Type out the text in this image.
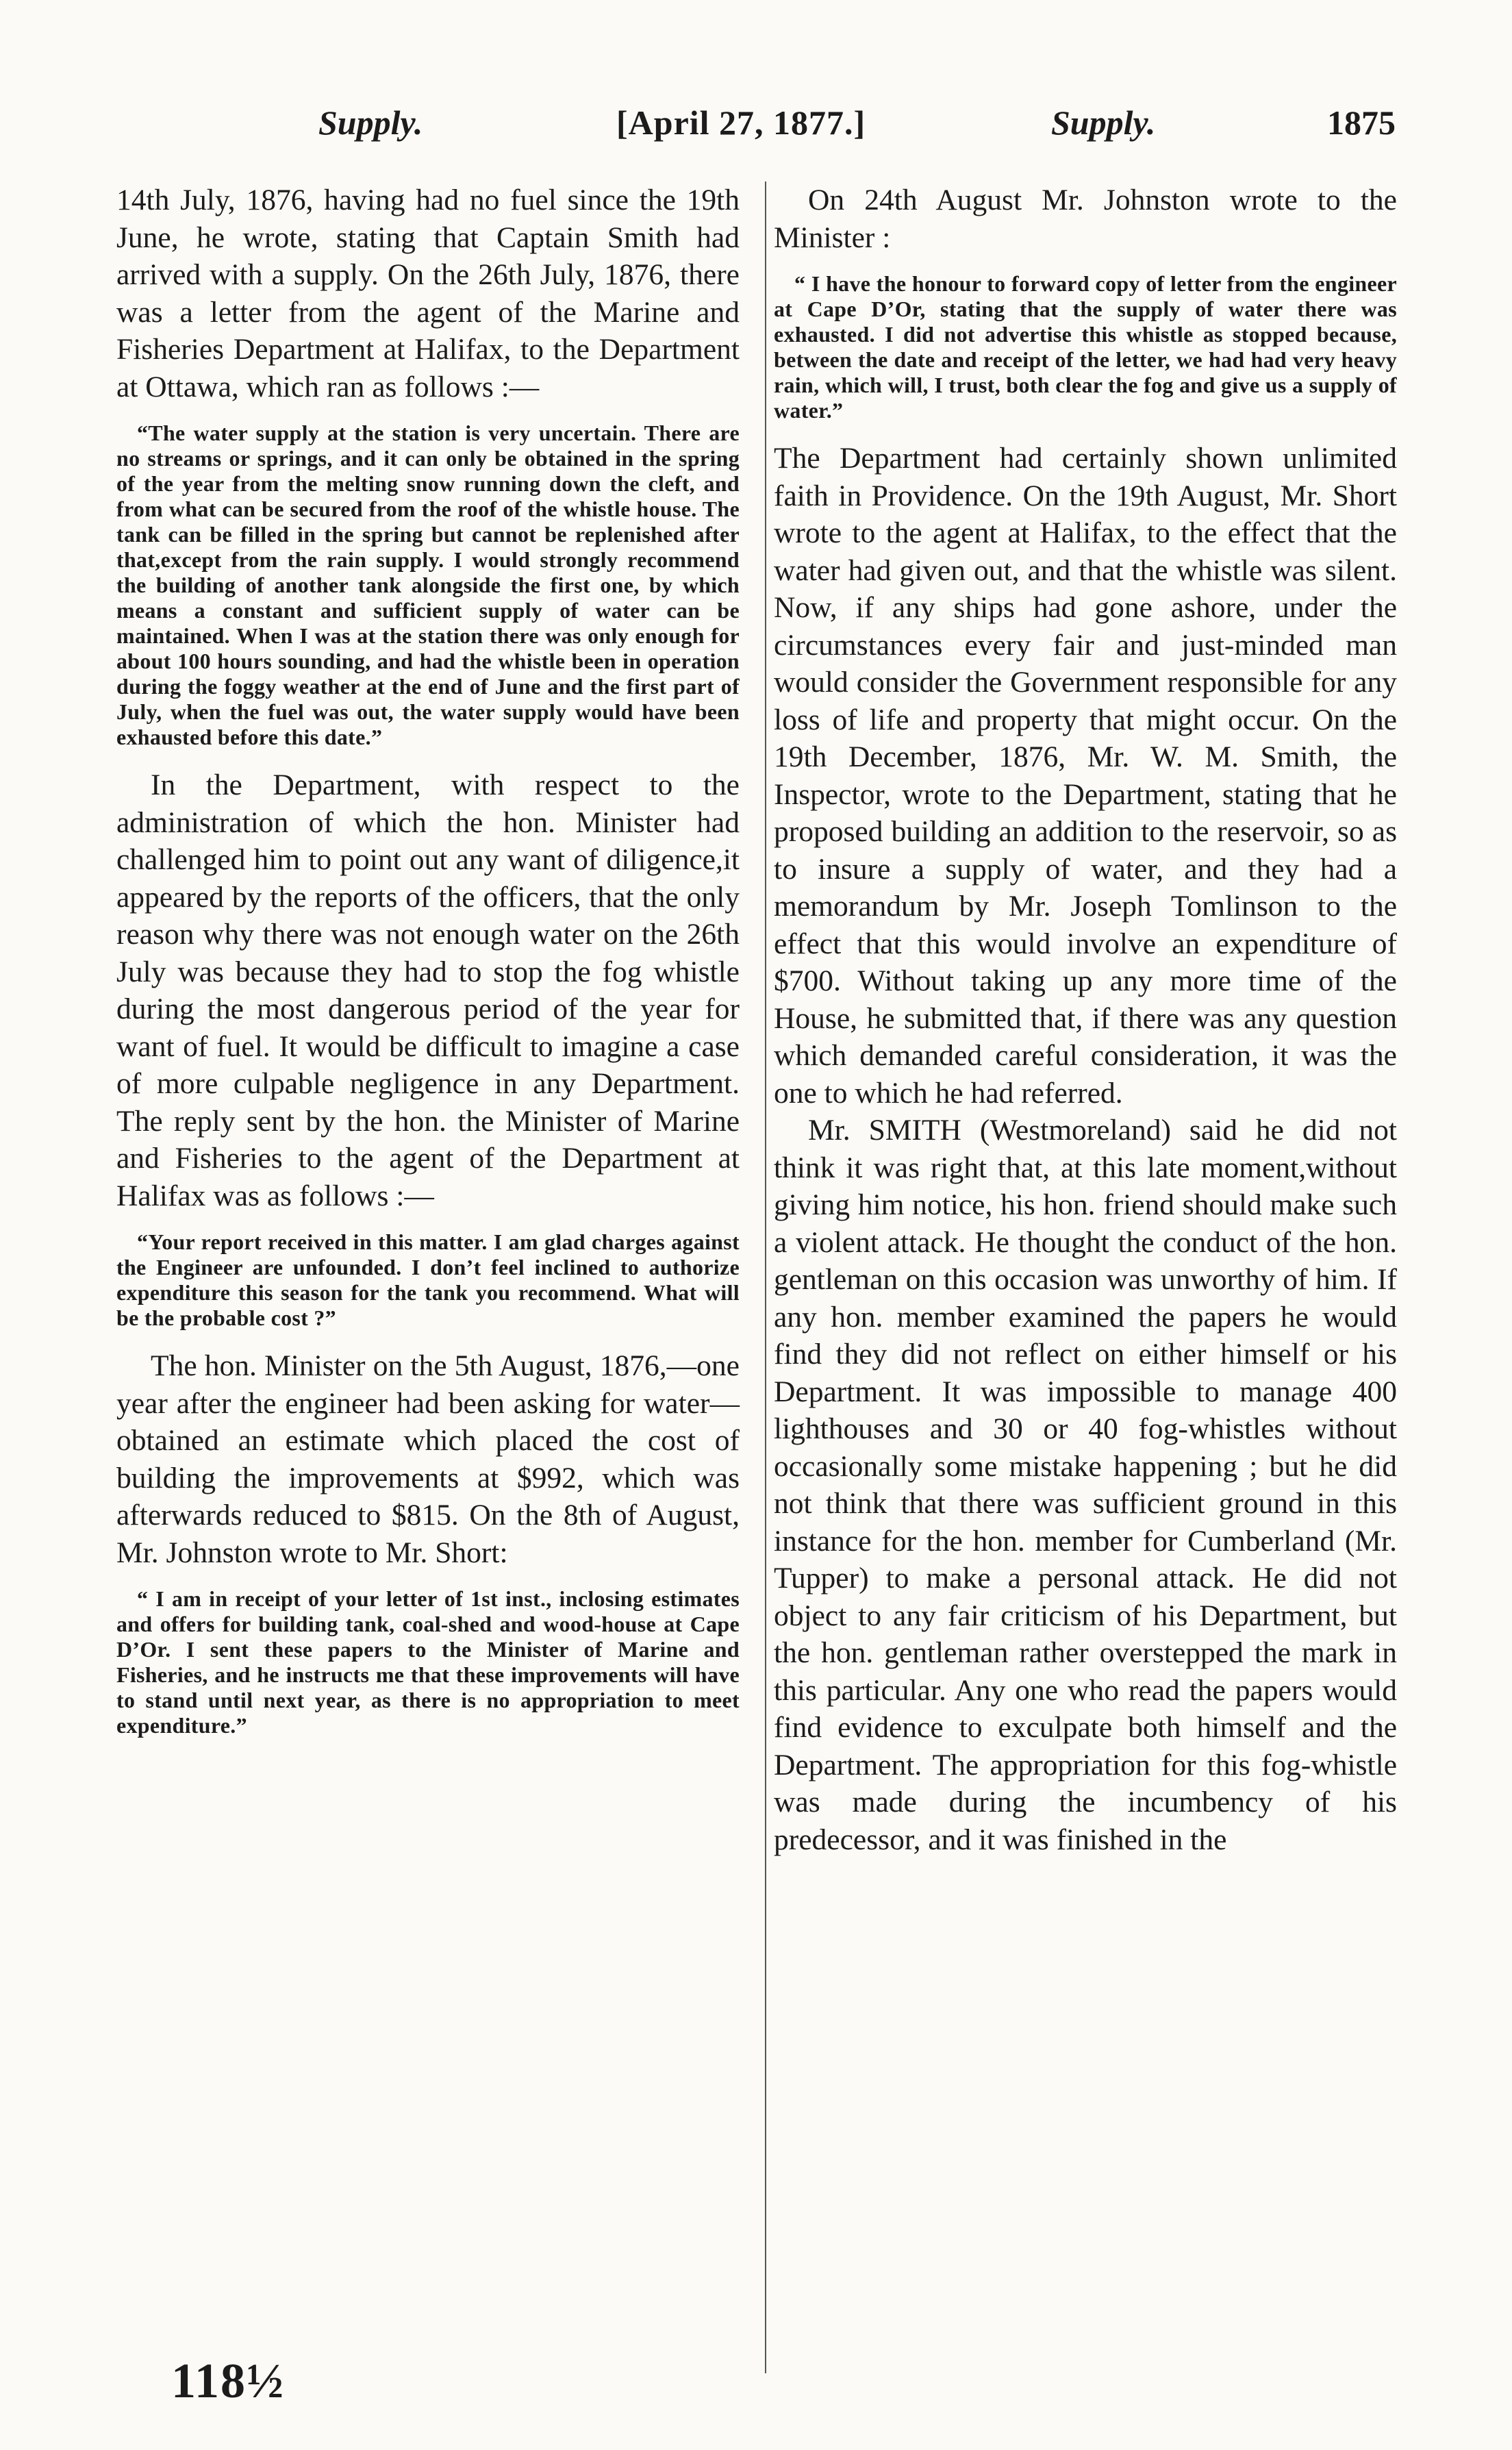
Supply.	[April 27, 1877.]	Supply.	1875

14th July, 1876, having had no fuel since the 19th June, he wrote, stating that Captain Smith had arrived with a supply. On the 26th July, 1876, there was a letter from the agent of the Marine and Fisheries Department at Halifax, to the Department at Ottawa, which ran as follows :—

“The water supply at the station is very uncertain. There are no streams or springs, and it can only be obtained in the spring of the year from the melting snow running down the cleft, and from what can be secured from the roof of the whistle house. The tank can be filled in the spring but cannot be replenished after that,except from the rain supply. I would strongly recommend the building of another tank alongside the first one, by which means a constant and sufficient supply of water can be maintained. When I was at the station there was only enough for about 100 hours sounding, and had the whistle been in operation during the foggy weather at the end of June and the first part of July, when the fuel was out, the water supply would have been exhausted before this date.”

In the Department, with respect to the administration of which the hon. Minister had challenged him to point out any want of diligence,it appeared by the reports of the officers, that the only reason why there was not enough water on the 26th July was because they had to stop the fog whistle during the most dangerous period of the year for want of fuel. It would be difficult to imagine a case of more culpable negligence in any Department. The reply sent by the hon. the Minister of Marine and Fisheries to the agent of the Department at Halifax was as follows :—

“Your report received in this matter. I am glad charges against the Engineer are unfounded. I don’t feel inclined to authorize expenditure this season for the tank you recommend. What will be the probable cost ?”

The hon. Minister on the 5th August, 1876,—one year after the engineer had been asking for water—obtained an estimate which placed the cost of building the improvements at $992, which was afterwards reduced to $815. On the 8th of August, Mr. Johnston wrote to Mr. Short:

“ I am in receipt of your letter of 1st inst., inclosing estimates and offers for building tank, coal-shed and wood-house at Cape D’Or. I sent these papers to the Minister of Marine and Fisheries, and he instructs me that these improvements will have to stand until next year, as there is no appropriation to meet expenditure.”

On 24th August Mr. Johnston wrote to the Minister :

“ I have the honour to forward copy of letter from the engineer at Cape D’Or, stating that the supply of water there was exhausted. I did not advertise this whistle as stopped because, between the date and receipt of the letter, we had had very heavy rain, which will, I trust, both clear the fog and give us a supply of water.”

The Department had certainly shown unlimited faith in Providence. On the 19th August, Mr. Short wrote to the agent at Halifax, to the effect that the water had given out, and that the whistle was silent. Now, if any ships had gone ashore, under the circumstances every fair and just-minded man would consider the Government responsible for any loss of life and property that might occur. On the 19th December, 1876, Mr. W. M. Smith, the Inspector, wrote to the Department, stating that he proposed building an addition to the reservoir, so as to insure a supply of water, and they had a memorandum by Mr. Joseph Tomlinson to the effect that this would involve an expenditure of $700. Without taking up any more time of the House, he submitted that, if there was any question which demanded careful consideration, it was the one to which he had referred.

Mr. SMITH (Westmoreland) said he did not think it was right that, at this late moment,without giving him notice, his hon. friend should make such a violent attack. He thought the conduct of the hon. gentleman on this occasion was unworthy of him. If any hon. member examined the papers he would find they did not reflect on either himself or his Department. It was impossible to manage 400 lighthouses and 30 or 40 fog-whistles without occasionally some mistake happening ; but he did not think that there was sufficient ground in this instance for the hon. member for Cumberland (Mr. Tupper) to make a personal attack. He did not object to any fair criticism of his Department, but the hon. gentleman rather overstepped the mark in this particular. Any one who read the papers would find evidence to exculpate both himself and the Department. The appropriation for this fog-whistle was made during the incumbency of his predecessor, and it was finished in the

118½
